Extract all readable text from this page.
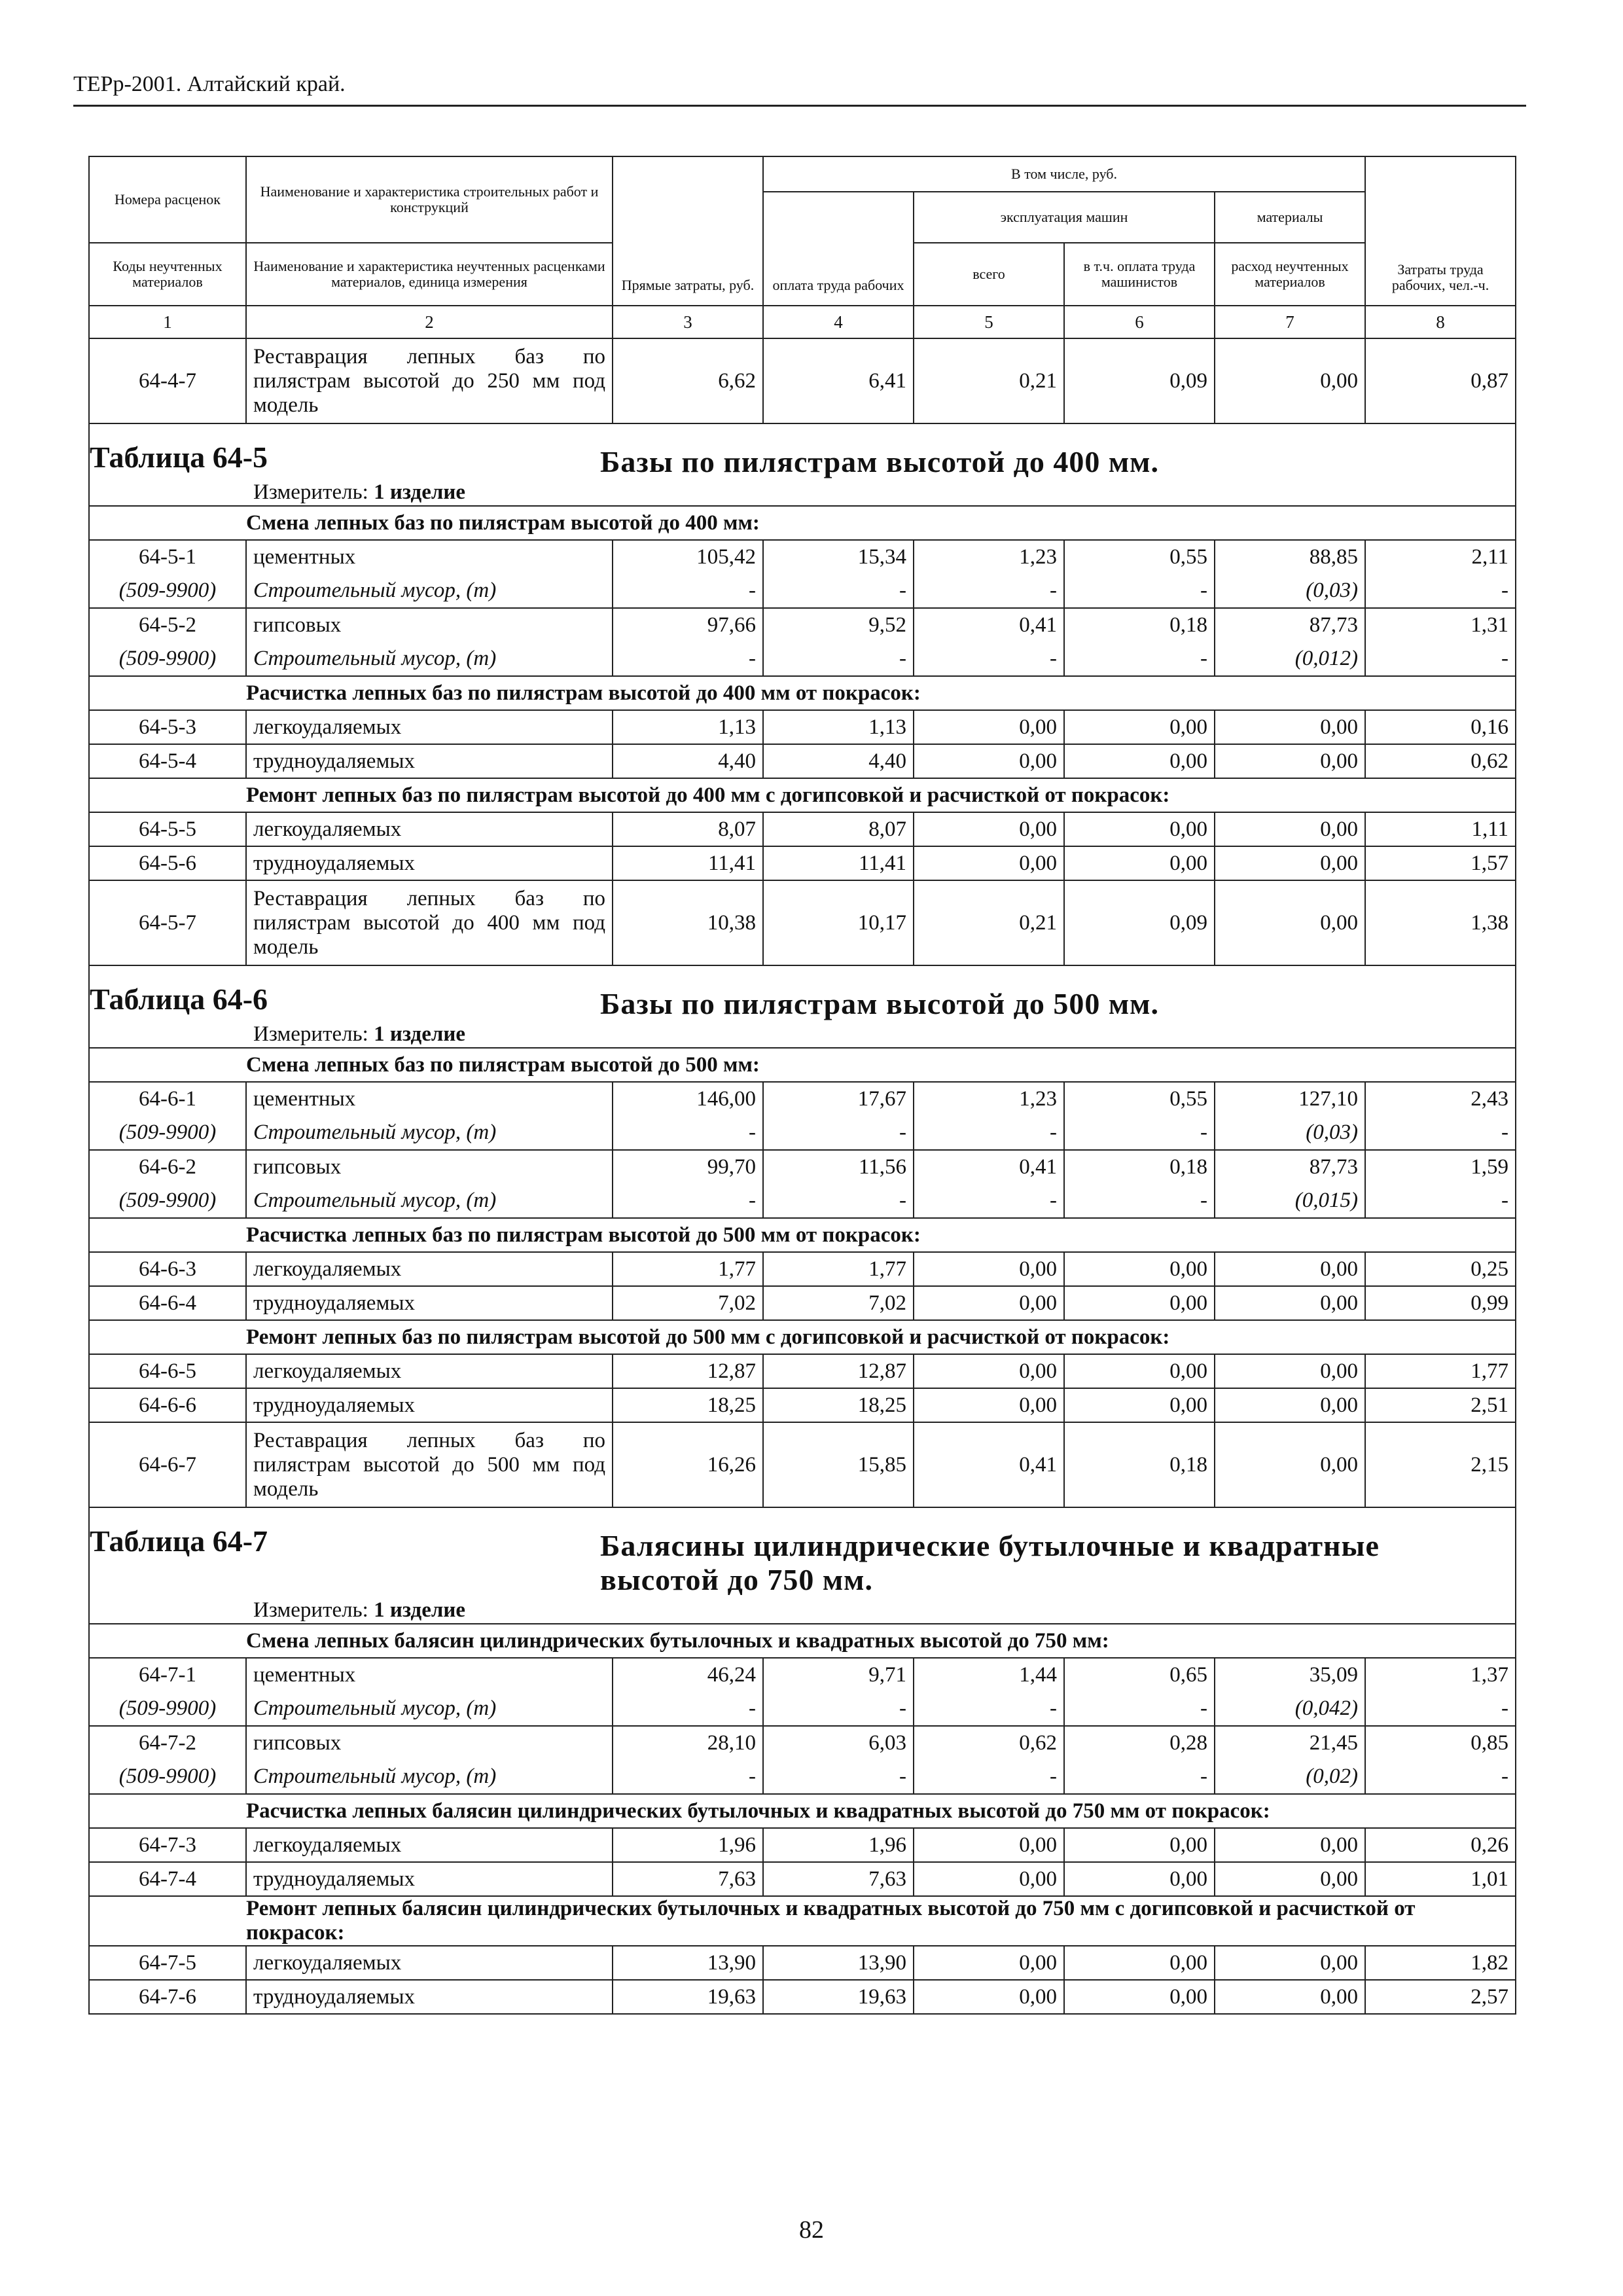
ТЕРр-2001. Алтайский край.
Номера расценок	Наименование и характеристика строительных работ и конструкций	Прямые затраты, руб.	В том числе, руб.				Затраты труда рабочих, чел.-ч.
			оплата труда рабочих	эксплуатация машин		материалы	
Коды неучтенных материалов	Наименование и характеристика неучтенных расценками материалов, единица измерения			всего	в т.ч. оплата труда машинистов	расход неучтенных материалов	
1	2	3	4	5	6	7	8
64-4-7	Реставрация лепных баз по пилястрам высотой до 250 мм под модель	6,62	6,41	0,21	0,09	0,00	0,87
Таблица 64-5 Базы по пилястрам высотой до 400 мм.							
Измеритель: 1 изделие							
	Смена лепных баз по пилястрам высотой до 400 мм:						
64-5-1	цементных	105,42	15,34	1,23	0,55	88,85	2,11
(509-9900)	Строительный мусор, (т)	-	-	-	-	(0,03)	-
64-5-2	гипсовых	97,66	9,52	0,41	0,18	87,73	1,31
(509-9900)	Строительный мусор, (т)	-	-	-	-	(0,012)	-
	Расчистка лепных баз по пилястрам высотой до 400 мм от покрасок:						
64-5-3	легкоудаляемых	1,13	1,13	0,00	0,00	0,00	0,16
64-5-4	трудноудаляемых	4,40	4,40	0,00	0,00	0,00	0,62
	Ремонт лепных баз по пилястрам высотой до 400 мм с догипсовкой и расчисткой от покрасок:						
64-5-5	легкоудаляемых	8,07	8,07	0,00	0,00	0,00	1,11
64-5-6	трудноудаляемых	11,41	11,41	0,00	0,00	0,00	1,57
64-5-7	Реставрация лепных баз по пилястрам высотой до 400 мм под модель	10,38	10,17	0,21	0,09	0,00	1,38
Таблица 64-6 Базы по пилястрам высотой до 500 мм.							
Измеритель: 1 изделие							
	Смена лепных баз по пилястрам высотой до 500 мм:						
64-6-1	цементных	146,00	17,67	1,23	0,55	127,10	2,43
(509-9900)	Строительный мусор, (т)	-	-	-	-	(0,03)	-
64-6-2	гипсовых	99,70	11,56	0,41	0,18	87,73	1,59
(509-9900)	Строительный мусор, (т)	-	-	-	-	(0,015)	-
	Расчистка лепных баз по пилястрам высотой до 500 мм от покрасок:						
64-6-3	легкоудаляемых	1,77	1,77	0,00	0,00	0,00	0,25
64-6-4	трудноудаляемых	7,02	7,02	0,00	0,00	0,00	0,99
	Ремонт лепных баз по пилястрам высотой до 500 мм с догипсовкой и расчисткой от покрасок:						
64-6-5	легкоудаляемых	12,87	12,87	0,00	0,00	0,00	1,77
64-6-6	трудноудаляемых	18,25	18,25	0,00	0,00	0,00	2,51
64-6-7	Реставрация лепных баз по пилястрам высотой до 500 мм под модель	16,26	15,85	0,41	0,18	0,00	2,15
Таблица 64-7 Балясины цилиндрические бутылочные и квадратные высотой до 750 мм.							
Измеритель: 1 изделие							
	Смена лепных балясин цилиндрических бутылочных и квадратных высотой до 750 мм:						
64-7-1	цементных	46,24	9,71	1,44	0,65	35,09	1,37
(509-9900)	Строительный мусор, (т)	-	-	-	-	(0,042)	-
64-7-2	гипсовых	28,10	6,03	0,62	0,28	21,45	0,85
(509-9900)	Строительный мусор, (т)	-	-	-	-	(0,02)	-
	Расчистка лепных балясин цилиндрических бутылочных и квадратных высотой до 750 мм от покрасок:						
64-7-3	легкоудаляемых	1,96	1,96	0,00	0,00	0,00	0,26
64-7-4	трудноудаляемых	7,63	7,63	0,00	0,00	0,00	1,01
	Ремонт лепных балясин цилиндрических бутылочных и квадратных высотой до 750 мм с догипсовкой и расчисткой от покрасок:						
64-7-5	легкоудаляемых	13,90	13,90	0,00	0,00	0,00	1,82
64-7-6	трудноудаляемых	19,63	19,63	0,00	0,00	0,00	2,57
82
